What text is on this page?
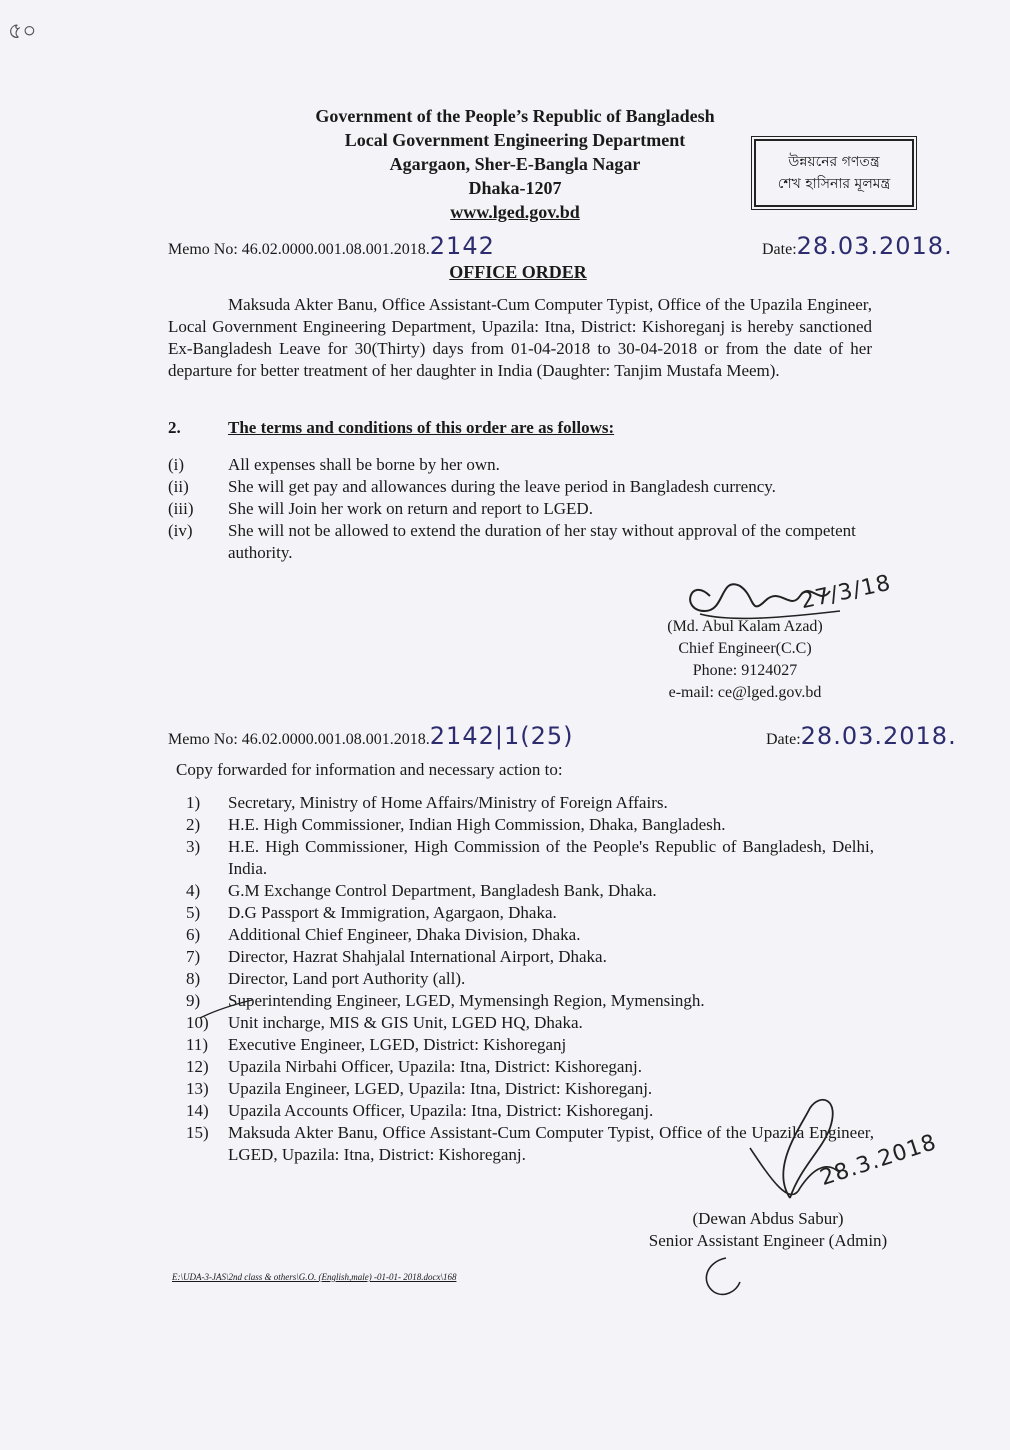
৫০
Government of the People’s Republic of Bangladesh
Local Government Engineering Department
Agargaon, Sher-E-Bangla Nagar
Dhaka-1207
www.lged.gov.bd
উন্নয়নের গণতন্ত্র
শেখ হাসিনার মূলমন্ত্র
Memo No: 46.02.0000.001.08.001.2018.2142	Date:28.03.2018.
OFFICE ORDER
Maksuda Akter Banu, Office Assistant-Cum Computer Typist, Office of the Upazila Engineer, Local Government Engineering Department, Upazila: Itna, District: Kishoreganj is hereby sanctioned Ex-Bangladesh Leave for 30(Thirty) days from 01-04-2018 to 30-04-2018 or from the date of her departure for better treatment of her daughter in India (Daughter: Tanjim Mustafa Meem).
2.	The terms and conditions of this order are as follows:
(i)	All expenses shall be borne by her own.
(ii)	She will get pay and allowances during the leave period in Bangladesh currency.
(iii)	She will Join her work on return and report to LGED.
(iv)	She will not be allowed to extend the duration of her stay without approval of the competent authority.
27/3/18
(Md. Abul Kalam Azad)
Chief Engineer(C.C)
Phone: 9124027
e-mail: ce@lged.gov.bd
Memo No: 46.02.0000.001.08.001.2018.2142|1(25)	Date:28.03.2018.
Copy forwarded for information and necessary action to:
1)	Secretary, Ministry of Home Affairs/Ministry of Foreign Affairs.
2)	H.E. High Commissioner, Indian High Commission, Dhaka, Bangladesh.
3)	H.E. High Commissioner, High Commission of the People's Republic of Bangladesh, Delhi, India.
4)	G.M Exchange Control Department, Bangladesh Bank, Dhaka.
5)	D.G Passport & Immigration, Agargaon, Dhaka.
6)	Additional Chief Engineer, Dhaka Division, Dhaka.
7)	Director, Hazrat Shahjalal International Airport, Dhaka.
8)	Director, Land port Authority (all).
9)	Superintending Engineer, LGED, Mymensingh Region, Mymensingh.
10)	Unit incharge, MIS & GIS Unit, LGED HQ, Dhaka.
11)	Executive Engineer, LGED, District: Kishoreganj
12)	Upazila Nirbahi Officer, Upazila: Itna, District: Kishoreganj.
13)	Upazila Engineer, LGED, Upazila: Itna, District: Kishoreganj.
14)	Upazila Accounts Officer, Upazila: Itna, District: Kishoreganj.
15)	Maksuda Akter Banu, Office Assistant-Cum Computer Typist, Office of the Upazila Engineer, LGED, Upazila: Itna, District: Kishoreganj.	28.3.2018
(Dewan Abdus Sabur)
Senior Assistant Engineer (Admin)
E:\UDA-3-JAS\2nd class & others\G.O. (English,male) -01-01- 2018.docx\168
